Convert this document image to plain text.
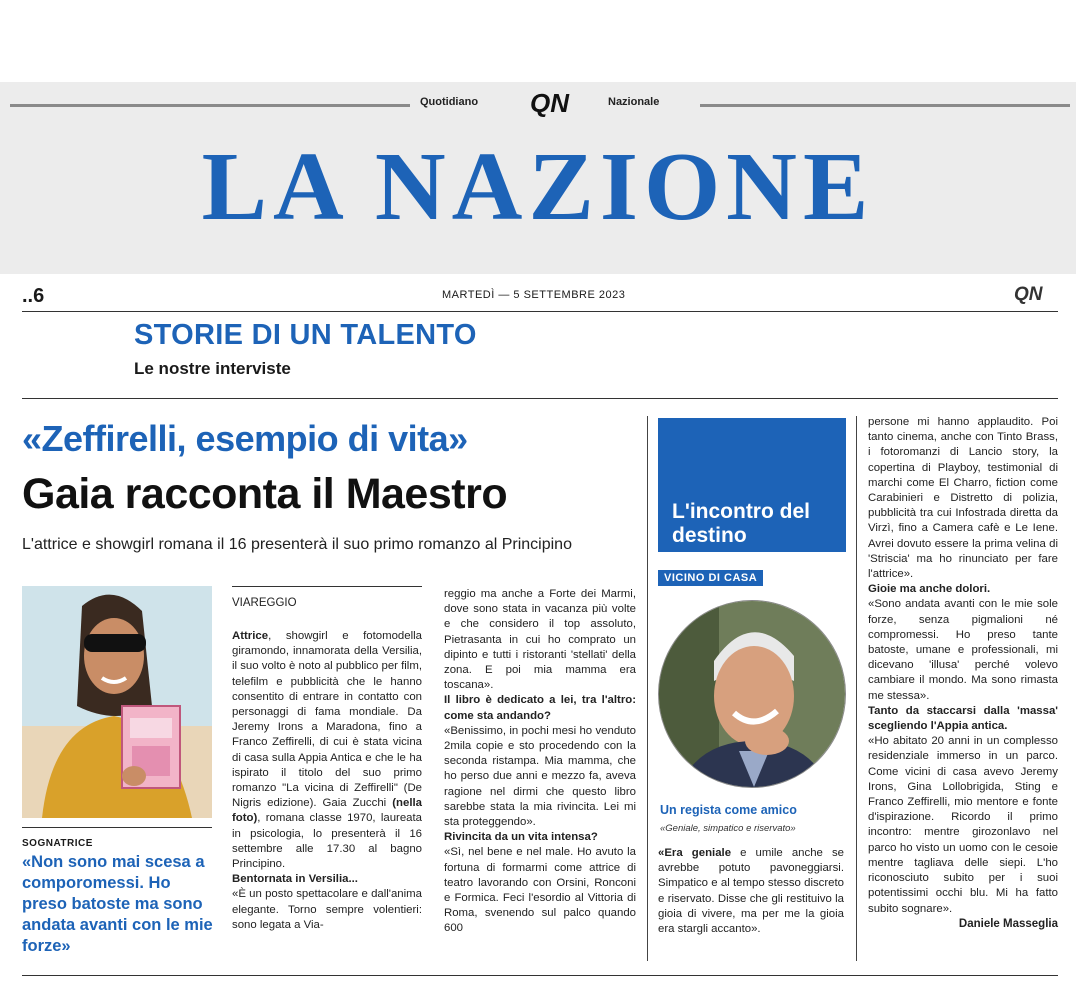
Quotidiano QN	Nazionale
LA NAZIONE
..6	MARTEDÌ — 5 SETTEMBRE 2023	QN
STORIE DI UN TALENTO
Le nostre interviste
«Zeffirelli, esempio di vita»
Gaia racconta il Maestro
L'attrice e showgirl romana il 16 presenterà il suo primo romanzo al Principino
SOGNATRICE
«Non sono mai scesa a comporomessi. Ho preso batoste ma sono andata avanti con le mie forze»
VIAREGGIO

Attrice, showgirl e fotomodella giramondo, innamorata della Versilia, il suo volto è noto al pubblico per film, telefilm e pubblicità che le hanno consentito di entrare in contatto con personaggi di fama mondiale. Da Jeremy Irons a Maradona, fino a Franco Zeffirelli, di cui è stata vicina di casa sulla Appia Antica e che le ha ispirato il titolo del suo primo romanzo "La vicina di Zeffirelli" (De Nigris edizione). Gaia Zucchi (nella foto), romana classe 1970, laureata in psicologia, lo presenterà il 16 settembre alle 17.30 al bagno Principino.

Bentornata in Versilia...

«È un posto spettacolare e dall'anima elegante. Torno sempre volentieri: sono legata a Via-

reggio ma anche a Forte dei Marmi, dove sono stata in vacanza più volte e che considero il top assoluto, Pietrasanta in cui ho comprato un dipinto e tutti i ristoranti 'stellati' della zona. E poi mia mamma era toscana».

Il libro è dedicato a lei, tra l'altro: come sta andando?

«Benissimo, in pochi mesi ho venduto 2mila copie e sto procedendo con la seconda ristampa. Mia mamma, che ho perso due anni e mezzo fa, aveva ragione nel dirmi che questo libro sarebbe stata la mia rivincita. Lei mi sta proteggendo».

Rivincita da un vita intensa?

«Sì, nel bene e nel male. Ho avuto la fortuna di formarmi come attrice di teatro lavorando con Orsini, Ronconi e Formica. Feci l'esordio al Vittoria di Roma, svenendo sul palco quando 600

L'incontro del destino
VICINO DI CASA
Un regista come amico
«Geniale, simpatico e riservato»

«Era geniale e umile anche se avrebbe potuto pavoneggiarsi. Simpatico e al tempo stesso discreto e riservato. Disse che gli restituivo la gioia di vivere, ma per me la gioia era stargli accanto».

persone mi hanno applaudito. Poi tanto cinema, anche con Tinto Brass, i fotoromanzi di Lancio story, la copertina di Playboy, testimonial di marchi come El Charro, fiction come Carabinieri e Distretto di polizia, pubblicità tra cui Infostrada diretta da Virzì, fino a Camera cafè e Le Iene. Avrei dovuto essere la prima velina di 'Striscia' ma ho rinunciato per fare l'attrice».

Gioie ma anche dolori.

«Sono andata avanti con le mie sole forze, senza pigmalioni né compromessi. Ho preso tante batoste, umane e professionali, mi dicevano 'illusa' perché volevo cambiare il mondo. Ma sono rimasta me stessa».

Tanto da staccarsi dalla 'massa' scegliendo l'Appia antica.

«Ho abitato 20 anni in un complesso residenziale immerso in un parco. Come vicini di casa avevo Jeremy Irons, Gina Lollobrigida, Sting e Franco Zeffirelli, mio mentore e fonte d'ispirazione. Ricordo il primo incontro: mentre girozonlavo nel parco ho visto un uomo con le cesoie mentre tagliava delle siepi. L'ho riconosciuto subito per i suoi potentissimi occhi blu. Mi ha fatto subito sognare».

Daniele Masseglia
